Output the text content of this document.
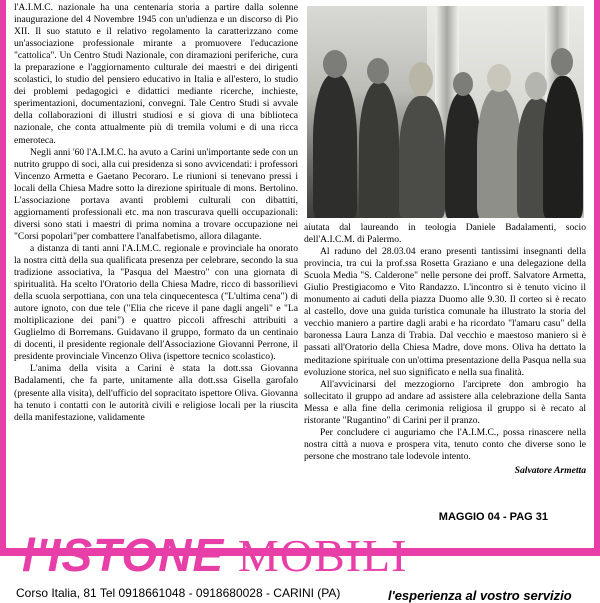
l'A.I.M.C. nazionale ha una centenaria storia a partire dalla solenne inaugurazione del 4 Novembre 1945 con un'udienza e un discorso di Pio XII. Il suo statuto e il relativo regolamento la caratterizzano come un'associazione professionale mirante a promuovere l'educazione "cattolica". Un Centro Studi Nazionale, con diramazioni periferiche, cura la preparazione e l'aggiornamento culturale dei maestri e dei dirigenti scolastici, lo studio del pensiero educativo in Italia e all'estero, lo studio dei problemi pedagogici e didattici mediante ricerche, inchieste, sperimentazioni, documentazioni, convegni. Tale Centro Studi si avvale della collaborazioni di illustri studiosi e si giova di una biblioteca nazionale, che conta attualmente più di tremila volumi e di una ricca emeroteca.

Negli anni '60 l'A.I.M.C. ha avuto a Carini un'importante sede con un nutrito gruppo di soci, alla cui presidenza si sono avvicendati: i professori Vincenzo Armetta e Gaetano Pecoraro. Le riunioni si tenevano pressi i locali della Chiesa Madre sotto la direzione spirituale di mons. Bertolino. L'associazione portava avanti problemi culturali con dibattiti, aggiornamenti professionali etc. ma non trascurava quelli occupazionali: diversi sono stati i maestri di prima nomina a trovare occupazione nei "Corsi popolari"per combattere l'analfabetismo, allora dilagante.

a distanza di tanti anni l'A.I.M.C. regionale e provinciale ha onorato la nostra città della sua qualificata presenza per celebrare, secondo la sua tradizione associativa, la "Pasqua del Maestro" con una giornata di spiritualità. Ha scelto l'Oratorio della Chiesa Madre, ricco di bassorilievi della scuola serpottiana, con una tela cinquecentesca ("L'ultima cena") di autore ignoto, con due tele ("Elia che riceve il pane dagli angeli" e "La moltiplicazione dei pani") e quattro piccoli affreschi attribuiti a Guglielmo di Borremans. Guidavano il gruppo, formato da un centinaio di docenti, il presidente regionale dell'Associazione Giovanni Perrone, il presidente provinciale Vincenzo Oliva (ispettore tecnico scolastico).

L'anima della visita a Carini è stata la dott.ssa Giovanna Badalamenti, che fa parte, unitamente alla dott.ssa Gisella garofalo (presente alla visita), dell'ufficio del sopracitato ispettore Oliva. Giovanna ha tenuto i contatti con le autorità civili e religiose locali per la riuscita della manifestazione, validamente

aiutata dal laureando in teologia Daniele Badalamenti, socio dell'A.I.C.M. di Palermo.

Al raduno del 28.03.04 erano presenti tantissimi insegnanti della provincia, tra cui la prof.ssa Rosetta Graziano e una delegazione della Scuola Media "S. Calderone" nelle persone dei proff. Salvatore Armetta, Giulio Prestigiacomo e Vito Randazzo. L'incontro si è tenuto vicino il monumento ai caduti della piazza Duomo alle 9.30. Il corteo si è recato al castello, dove una guida turistica comunale ha illustrato la storia del vecchio maniero a partire dagli arabi e ha ricordato "l'amaru casu" della baronessa Laura Lanza di Trabia. Dal vecchio e maestoso maniero si è passati all'Oratorio della Chiesa Madre, dove mons. Oliva ha dettato la meditazione spirituale con un'ottima presentazione della Pasqua nella sua evoluzione storica, nel suo significato e nella sua finalità.

All'avvicinarsi del mezzogiorno l'arciprete don ambrogio ha sollecitato il gruppo ad andare ad assistere alla celebrazione della Santa Messa e alla fine della cerimonia religiosa il gruppo si è recato al ristorante "Rugantino" di Carini per il pranzo.

Per concludere ci auguriamo che l'A.I.M.C., possa rinascere nella nostra città a nuova e prospera vita, tenuto conto che diverse sono le persone che mostrano tale lodevole intento.

Salvatore Armetta
MAGGIO 04 - PAG 31
l'ISTONE MOBILI
Corso Italia, 81 Tel 0918661048 - 0918680028 - CARINI (PA)	l'esperienza al vostro servizio
